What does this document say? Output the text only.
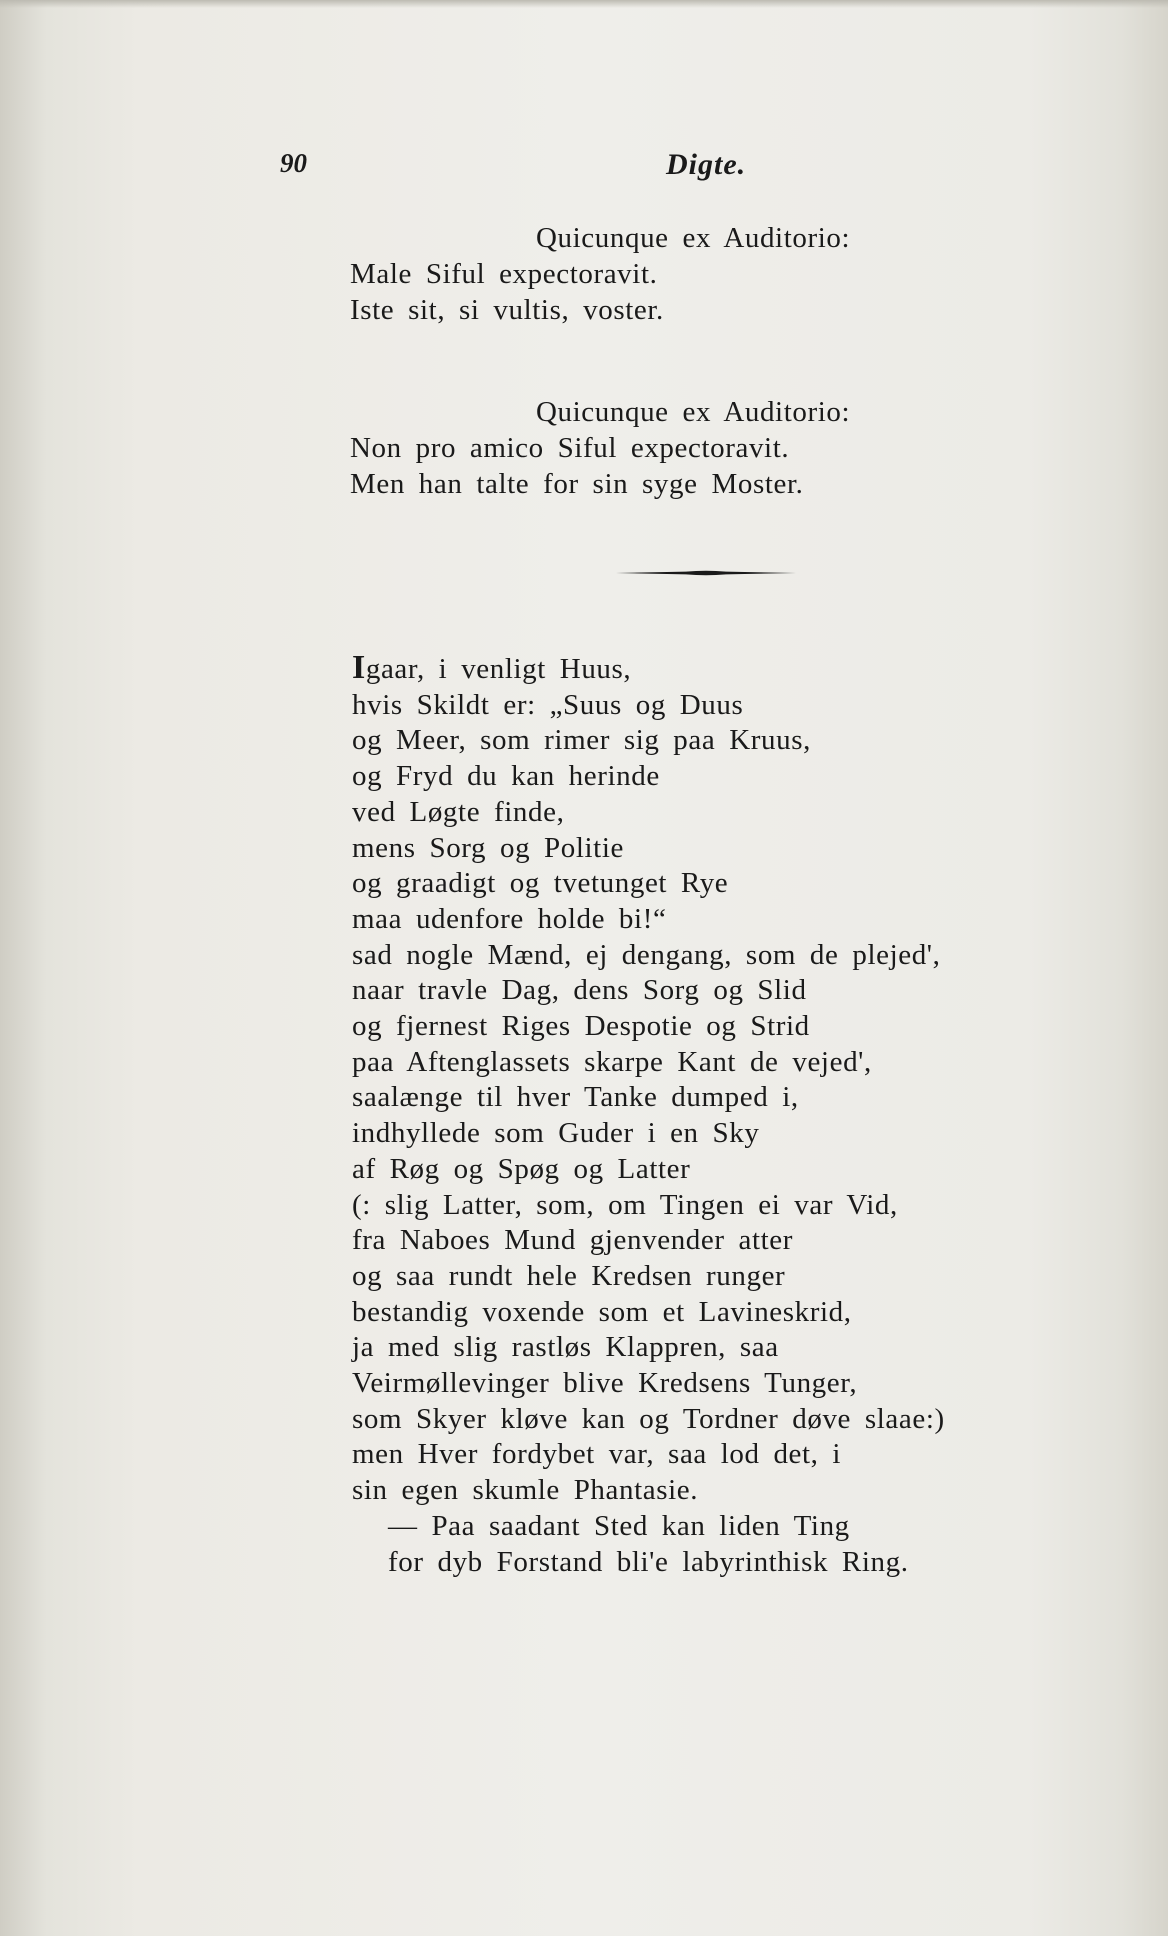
90	Digte.
Quicunque ex Auditorio:
Male Siful expectoravit.
Iste sit, si vultis, voster.
Quicunque ex Auditorio:
Non pro amico Siful expectoravit.
Men han talte for sin syge Moster.
Igaar, i venligt Huus,
hvis Skildt er: „Suus og Duus
og Meer, som rimer sig paa Kruus,
og Fryd du kan herinde
ved Løgte finde,
mens Sorg og Politie
og graadigt og tvetunget Rye
maa udenfore holde bi!“
sad nogle Mænd, ej dengang, som de plejed',
naar travle Dag, dens Sorg og Slid
og fjernest Riges Despotie og Strid
paa Aftenglassets skarpe Kant de vejed',
saalænge til hver Tanke dumped i,
indhyllede som Guder i en Sky
af Røg og Spøg og Latter
(: slig Latter, som, om Tingen ei var Vid,
fra Naboes Mund gjenvender atter
og saa rundt hele Kredsen runger
bestandig voxende som et Lavineskrid,
ja med slig rastløs Klappren, saa
Veirmøllevinger blive Kredsens Tunger,
som Skyer kløve kan og Tordner døve slaae:)
men Hver fordybet var, saa lod det, i
sin egen skumle Phantasie.
— Paa saadant Sted kan liden Ting
for dyb Forstand bli'e labyrinthisk Ring.
